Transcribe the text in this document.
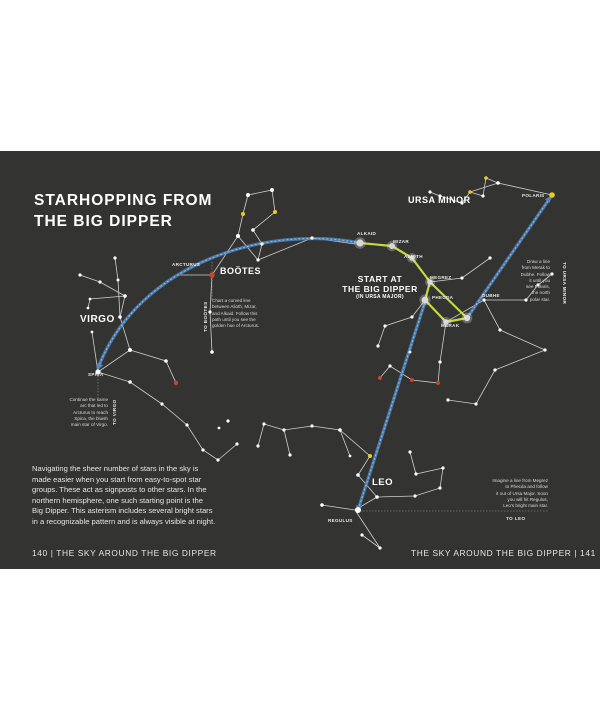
STARHOPPING FROM
THE BIG DIPPER
BOÖTES
VIRGO
URSA MINOR
LEO
START AT
THE BIG DIPPER
(IN URSA MAJOR)
ALKAID
MIZAR
ALIOTH
MEGREZ
PHECDA
MERAK
DUBHE
POLARIS
ARCTURUS
SPICA
REGULUS
TO BOÖTES
TO VIRGO
TO URSA MINOR
TO LEO
Chart a curved line
between Alioth, Mizar,
and Alkaid. Follow this
path until you see the
golden hue of Arcturus.
Continue the same
arc that led to
Arcturus to reach
Spica, the bluish
main star of Virgo.
Draw a line
from Merak to
Dubhe. Follow
it until you
see Polaris,
the north
polar star.
Imagine a line from Megrez
to Phecda and follow
it out of Ursa Major. Soon
you will hit Regulus,
Leo's bright main star.
Navigating the sheer number of stars in the sky is
made easier when you start from easy-to-spot star
groups. These act as signposts to other stars. In the
northern hemisphere, one such starting point is the
Big Dipper. This asterism includes several bright stars
in a recognizable pattern and is always visible at night.
140 | THE SKY AROUND THE BIG DIPPER	THE SKY AROUND THE BIG DIPPER | 141
